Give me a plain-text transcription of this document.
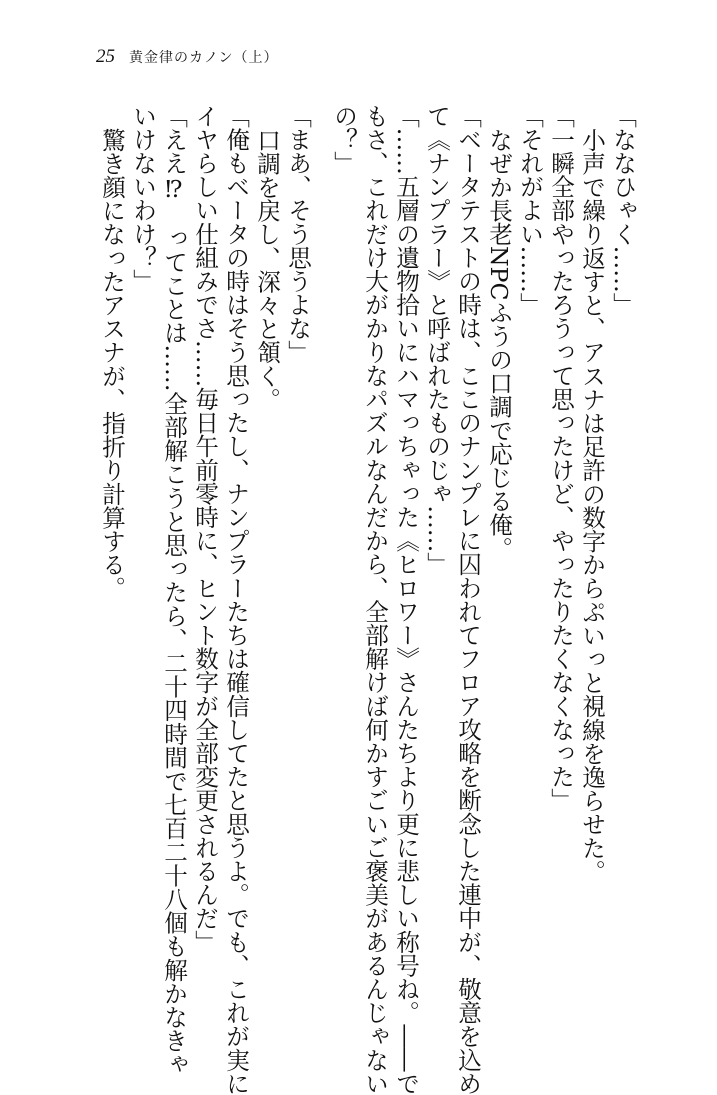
25 黄金律のカノン（上）
「ななひゃく……」
小声で繰り返すと、アスナは足許の数字からぷいっと視線を逸らせた。
「一瞬全部やったろうって思ったけど、やったりたくなくなった」
「それがよい……」
なぜか長老NPCふうの口調で応じる俺。
「ベータテストの時は、ここのナンプレに囚われてフロア攻略を断念した連中が、敬意を込め
て《ナンプラー》と呼ばれたものじゃ……」
「……五層の遺物拾いにハマっちゃった《ヒロワー》さんたちより更に悲しい称号ね。――で
もさ、これだけ大がかりなパズルなんだから、全部解けば何かすごいご褒美があるんじゃない
の？」
「まあ、そう思うよな」
口調を戻し、深々と頷く。
「俺もベータの時はそう思ったし、ナンプラーたちは確信してたと思うよ。でも、これが実に
イヤらしい仕組みでさ……毎日午前零時に、ヒント数字が全部変更されるんだ」
「ええ⁉　ってことは……全部解こうと思ったら、二十四時間で七百二十八個も解かなきゃ
いけないわけ？」
驚き顔になったアスナが、指折り計算する。
